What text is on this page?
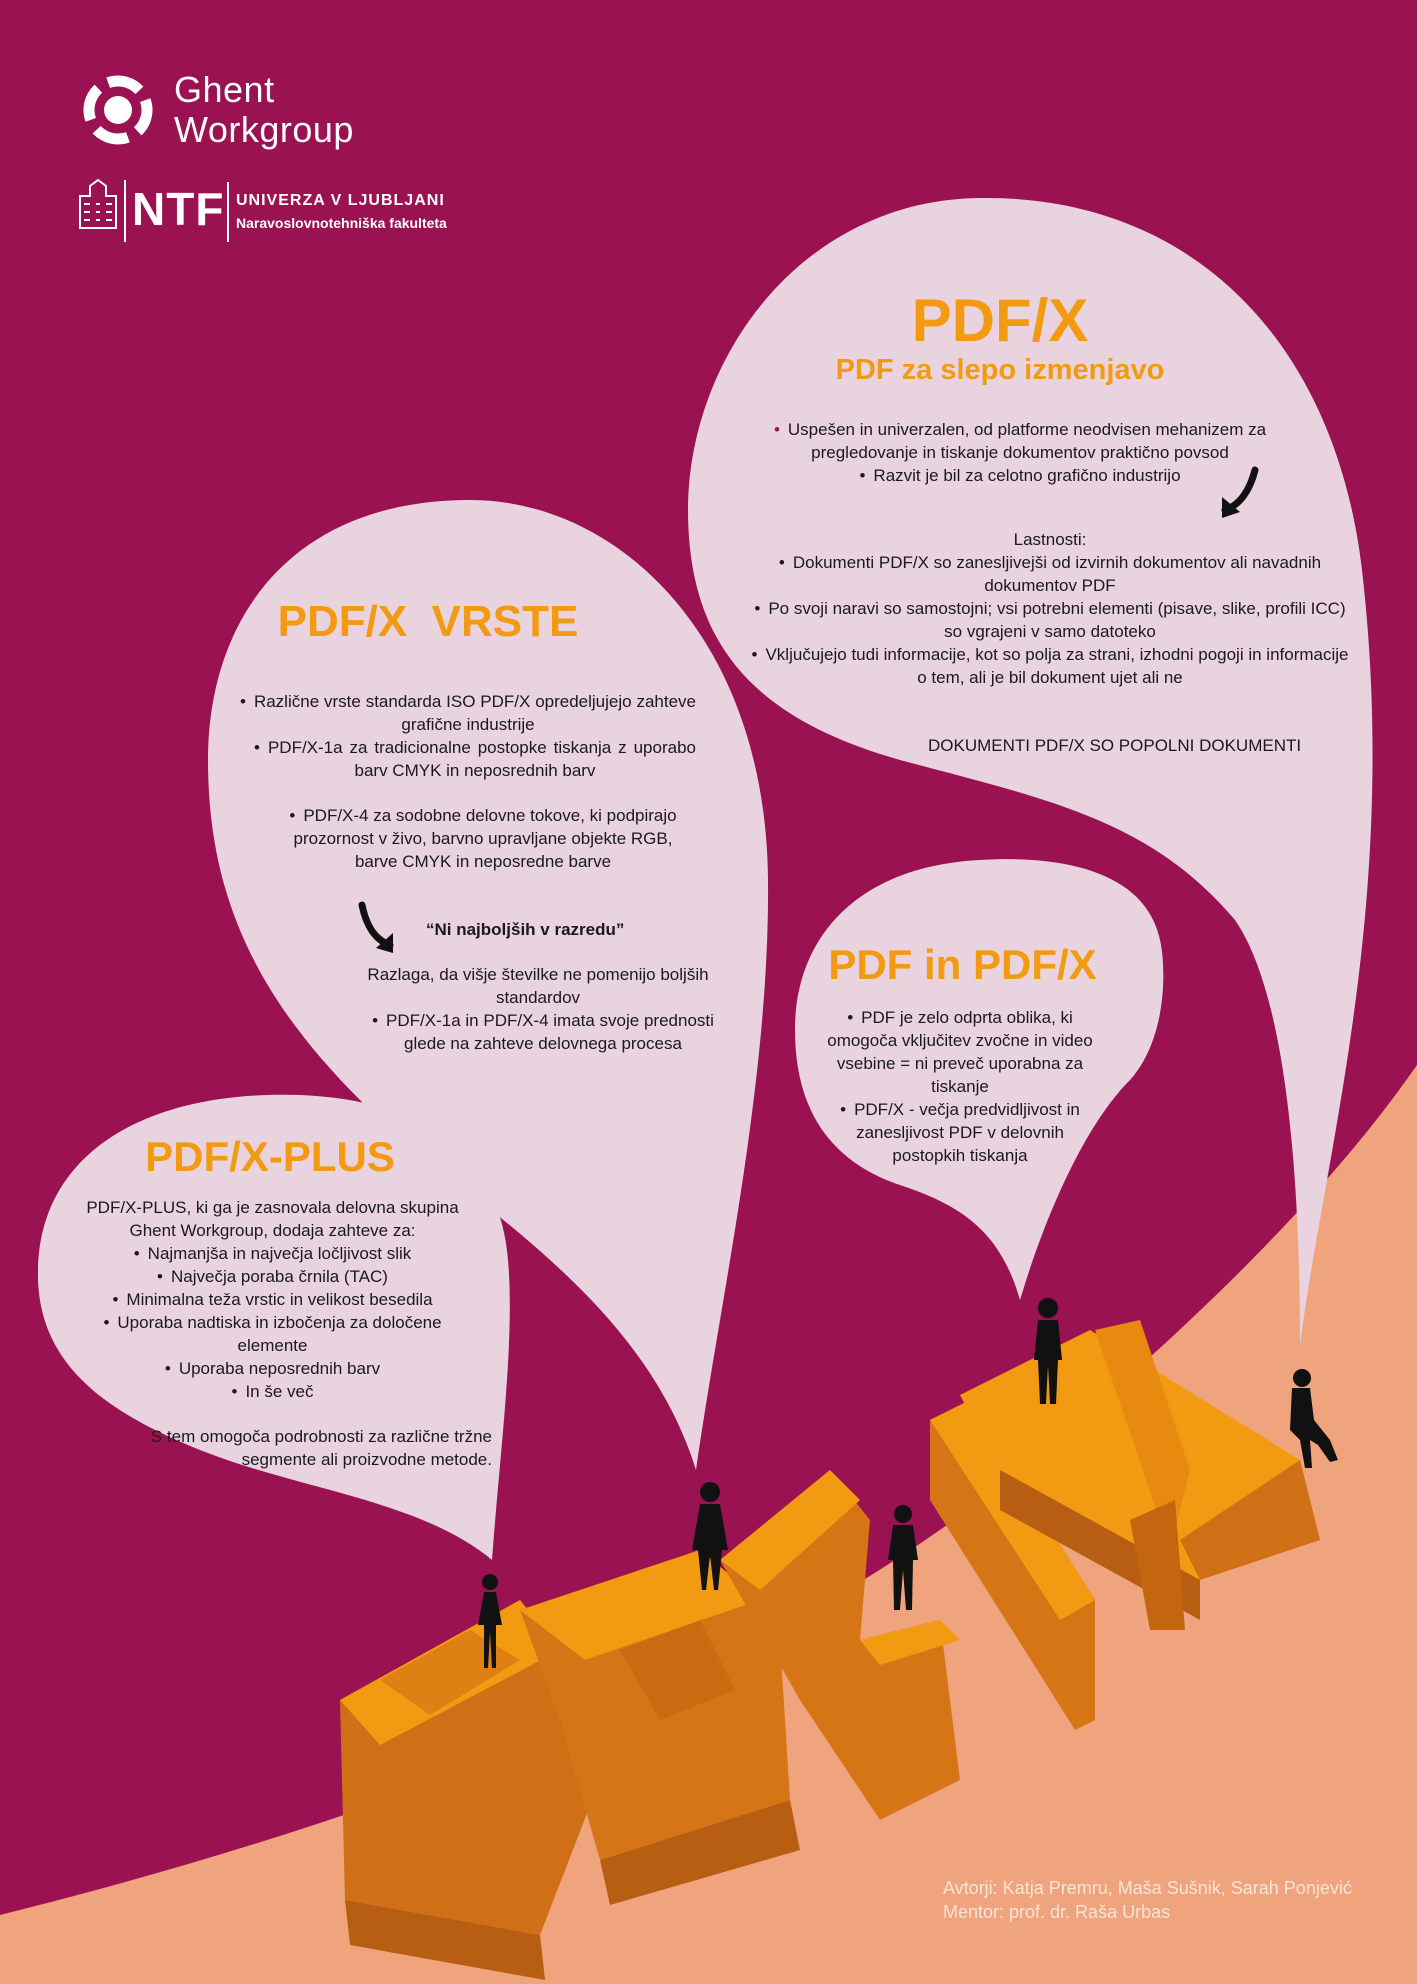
Ghent
Workgroup
NTF UNIVERZA V LJUBLJANI
Naravoslovnotehniška fakulteta
PDF/X
PDF za slepo izmenjavo
• Uspešen in univerzalen, od platforme neodvisen mehanizem za pregledovanje in tiskanje dokumentov praktično povsod
• Razvit je bil za celotno grafično industrijo
Lastnosti:
• Dokumenti PDF/X so zanesljivejši od izvirnih dokumentov ali navadnih dokumentov PDF
• Po svoji naravi so samostojni; vsi potrebni elementi (pisave, slike, profili ICC) so vgrajeni v samo datoteko
• Vključujejo tudi informacije, kot so polja za strani, izhodni pogoji in informacije o tem, ali je bil dokument ujet ali ne
DOKUMENTI PDF/X SO POPOLNI DOKUMENTI
PDF/X  VRSTE
• Različne vrste standarda ISO PDF/X opredeljujejo zahteve grafične industrije
• PDF/X-1a za tradicionalne postopke tiskanja z uporabo barv CMYK in neposrednih barv
• PDF/X-4 za sodobne delovne tokove, ki podpirajo prozornost v živo, barvno upravljane objekte RGB, barve CMYK in neposredne barve
“Ni najboljših v razredu”
Razlaga, da višje številke ne pomenijo boljših standardov
• PDF/X-1a in PDF/X-4 imata svoje prednosti glede na zahteve delovnega procesa
PDF in PDF/X
• PDF je zelo odprta oblika, ki omogoča vključitev zvočne in video vsebine = ni preveč uporabna za tiskanje
• PDF/X - večja predvidljivost in zanesljivost PDF v delovnih postopkih tiskanja
PDF/X-PLUS
PDF/X-PLUS, ki ga je zasnovala delovna skupina Ghent Workgroup, dodaja zahteve za:
• Najmanjša in največja ločljivost slik
• Največja poraba črnila (TAC)
• Minimalna teža vrstic in velikost besedila
• Uporaba nadtiska in izbočenja za določene elemente
• Uporaba neposrednih barv
• In še več
S tem omogoča podrobnosti za različne tržne segmente ali proizvodne metode.
Avtorji: Katja Premru, Maša Sušnik, Sarah Ponjević
Mentor: prof. dr. Raša Urbas
